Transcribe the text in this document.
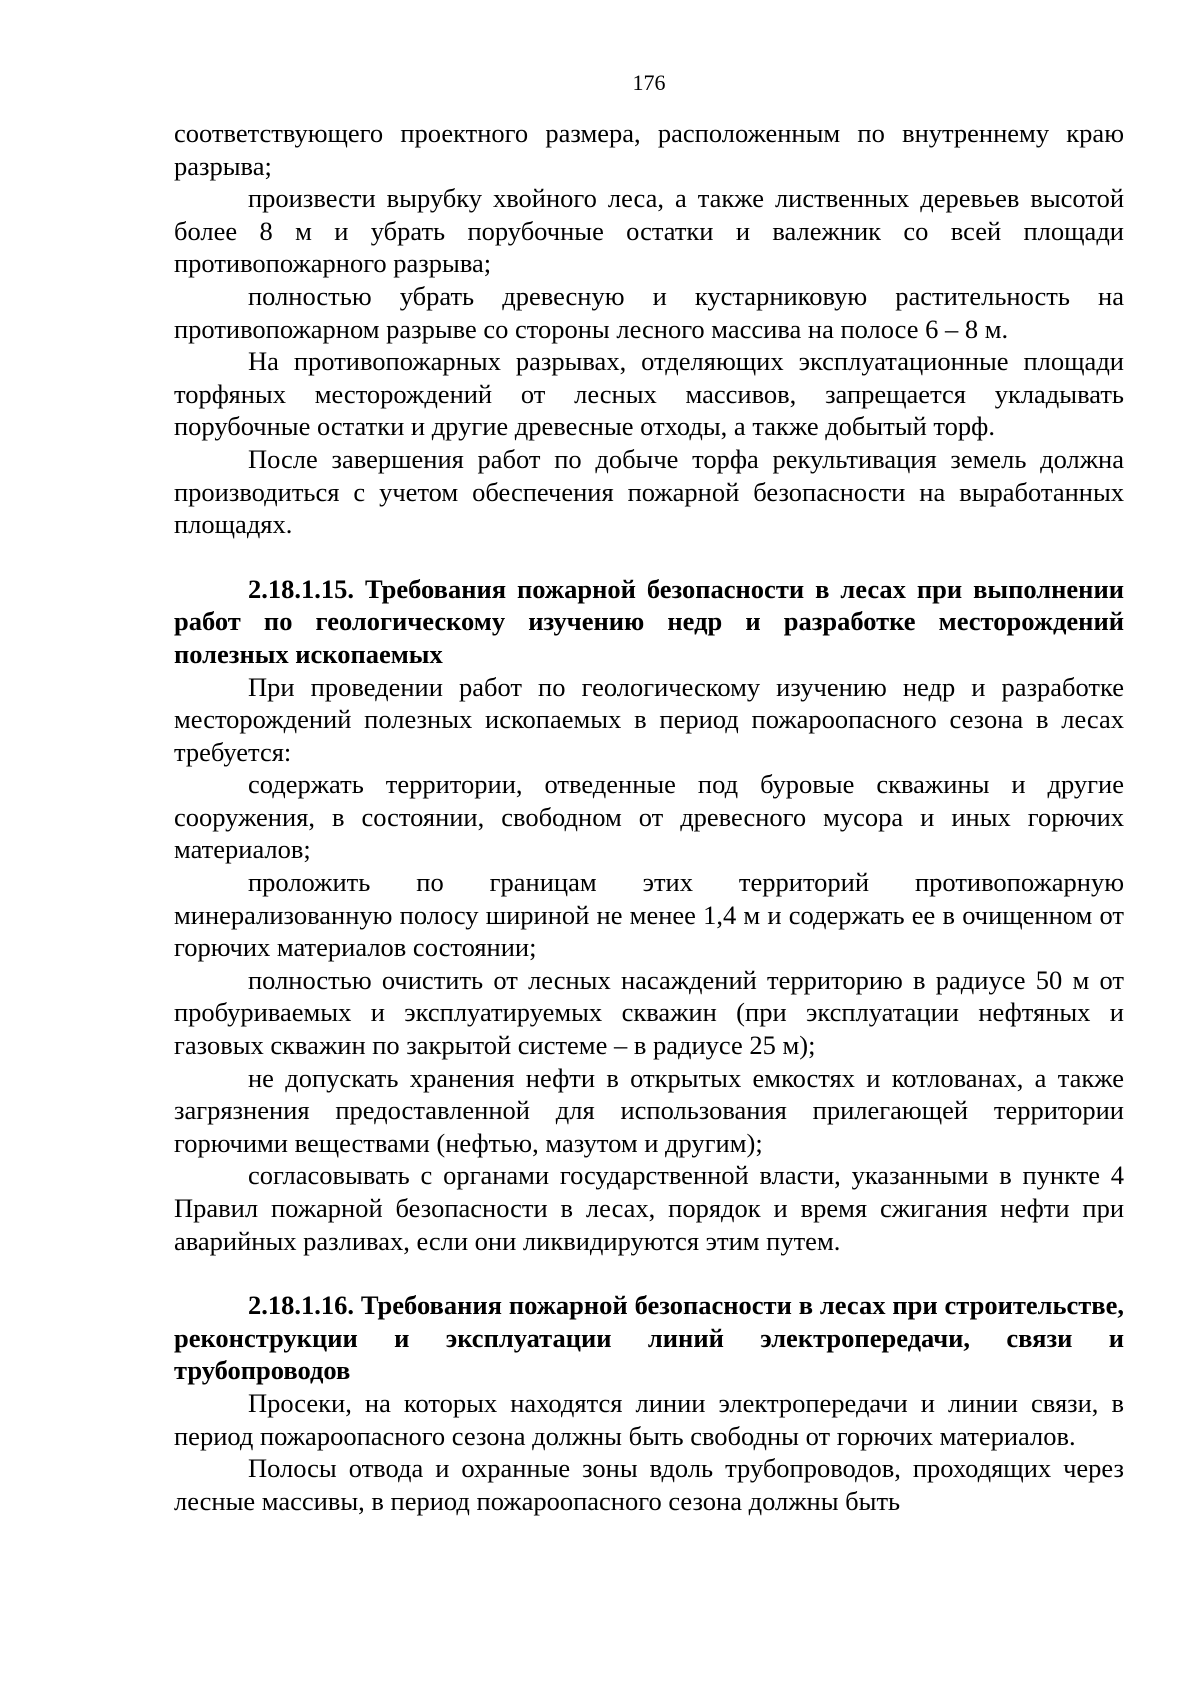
176

соответствующего проектного размера, расположенным по внутреннему краю разрыва;

произвести вырубку хвойного леса, а также лиственных деревьев высотой более 8 м и убрать порубочные остатки и валежник со всей площади противопожарного разрыва;

полностью убрать древесную и кустарниковую растительность на противопожарном разрыве со стороны лесного массива на полосе 6 – 8 м.

На противопожарных разрывах, отделяющих эксплуатационные площади торфяных месторождений от лесных массивов, запрещается укладывать порубочные остатки и другие древесные отходы, а также добытый торф.

После завершения работ по добыче торфа рекультивация земель должна производиться с учетом обеспечения пожарной безопасности на выработанных площадях.

2.18.1.15. Требования пожарной безопасности в лесах при выполнении работ по геологическому изучению недр и разработке месторождений полезных ископаемых

При проведении работ по геологическому изучению недр и разработке месторождений полезных ископаемых в период пожароопасного сезона в лесах требуется:

содержать территории, отведенные под буровые скважины и другие сооружения, в состоянии, свободном от древесного мусора и иных горючих материалов;

проложить по границам этих территорий противопожарную минерализованную полосу шириной не менее 1,4 м и содержать ее в очищенном от горючих материалов состоянии;

полностью очистить от лесных насаждений территорию в радиусе 50 м от пробуриваемых и эксплуатируемых скважин (при эксплуатации нефтяных и газовых скважин по закрытой системе – в радиусе 25 м);

не допускать хранения нефти в открытых емкостях и котлованах, а также загрязнения предоставленной для использования прилегающей территории горючими веществами (нефтью, мазутом и другим);

согласовывать с органами государственной власти, указанными в пункте 4 Правил пожарной безопасности в лесах, порядок и время сжигания нефти при аварийных разливах, если они ликвидируются этим путем.

2.18.1.16. Требования пожарной безопасности в лесах при строительстве, реконструкции и эксплуатации линий электропередачи, связи и трубопроводов

Просеки, на которых находятся линии электропередачи и линии связи, в период пожароопасного сезона должны быть свободны от горючих материалов.

Полосы отвода и охранные зоны вдоль трубопроводов, проходящих через лесные массивы, в период пожароопасного сезона должны быть
